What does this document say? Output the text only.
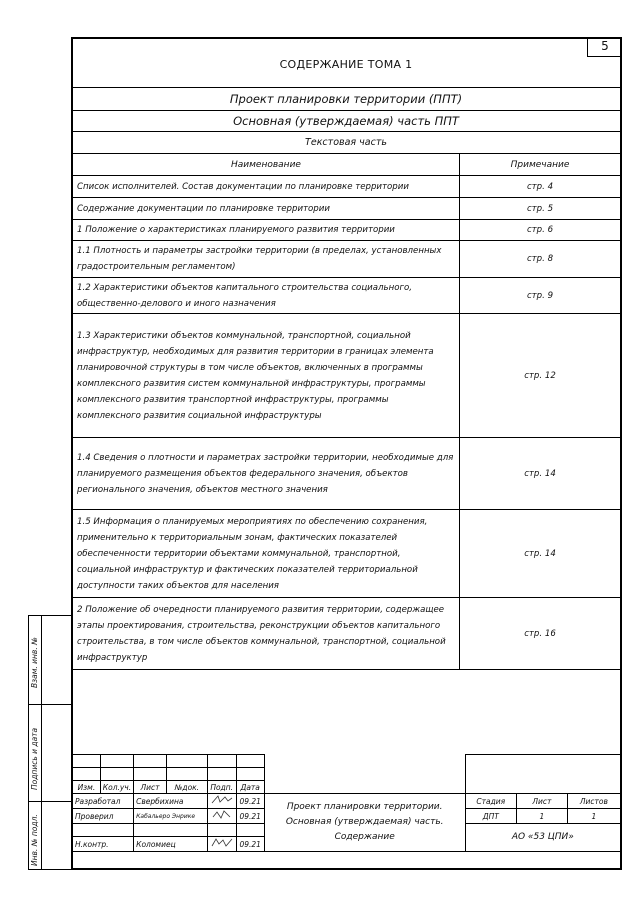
5
СОДЕРЖАНИЕ ТОМА 1
Проект планировки территории (ППТ)
Основная (утверждаемая) часть ППТ
Текстовая часть
Наименование	Примечание
Список исполнителей. Состав документации по планировке территории	стр. 4
Содержание документации по планировке территории	стр. 5
1 Положение о характеристиках планируемого развития территории	стр. 6
1.1 Плотность и параметры застройки территории (в пределах, установленных градостроительным регламентом)	стр. 8
1.2 Характеристики объектов капитального строительства социального, общественно-делового и иного назначения	стр. 9
1.3 Характеристики объектов коммунальной, транспортной, социальной инфраструктур, необходимых для развития территории в границах элемента планировочной структуры в том числе объектов, включенных в программы комплексного развития систем коммунальной инфраструктуры, программы комплексного развития транспортной инфраструктуры, программы комплексного развития социальной инфраструктуры	стр. 12
1.4 Сведения о плотности и параметрах застройки территории, необходимые для планируемого размещения объектов федерального значения, объектов регионального значения, объектов местного значения	стр. 14
1.5 Информация о планируемых мероприятиях по обеспечению сохранения, применительно к территориальным зонам, фактических показателей обеспеченности территории объектами коммунальной, транспортной, социальной инфраструктур и фактических показателей территориальной доступности таких объектов для населения	стр. 14
2 Положение об очередности планируемого развития территории, содержащее этапы проектирования, строительства, реконструкции объектов капитального строительства, в том числе объектов коммунальной, транспортной, социальной инфраструктур	стр. 16
Взам. инв. №
Подпись и дата
Инв. № подл.

Изм.	Кол.уч.	Лист	№док.	Подп.	Дата				
Разработал		Свербихина			09.21	Проект планировки территории. Основная (утверждаемая) часть. Содержание	Стадия	Лист	Листов
Проверил		Кабальеро Энрике			09.21		ДПТ	1	1
							АО «53 ЦПИ»		
Н.контр.		Коломиец			09.21				
